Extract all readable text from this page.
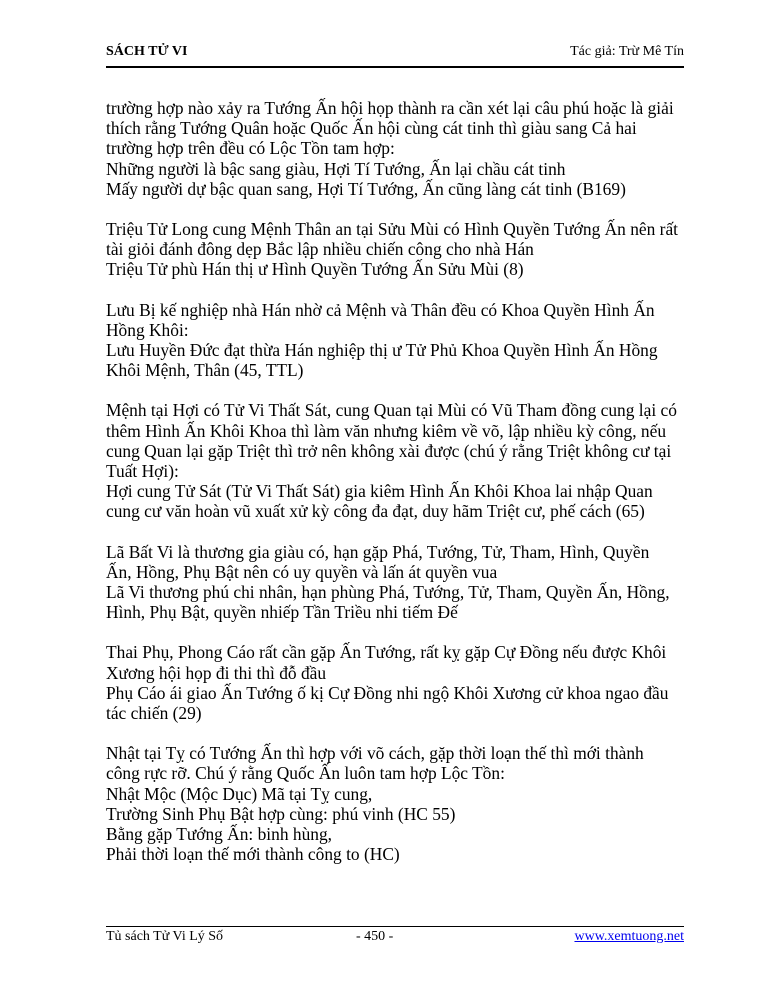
SÁCH TỬ VI	Tác giả: Trừ Mê Tín

trường hợp nào xảy ra Tướng Ấn hội họp thành ra cần xét lại câu phú hoặc là giải
thích rằng Tướng Quân hoặc Quốc Ấn hội cùng cát tinh thì giàu sang Cả hai
trường hợp trên đều có Lộc Tồn tam hợp:
Những người là bậc sang giàu, Hợi Tí Tướng, Ấn lại chầu cát tinh
Mấy người dự bậc quan sang, Hợi Tí Tướng, Ấn cũng làng cát tinh (B169)

Triệu Tử Long cung Mệnh Thân an tại Sửu Mùi có Hình Quyền Tướng Ấn nên rất
tài giỏi đánh đông dẹp Bắc lập nhiều chiến công cho nhà Hán
Triệu Tử phù Hán thị ư Hình Quyền Tướng Ấn Sửu Mùi (8)

Lưu Bị kế nghiệp nhà Hán nhờ cả Mệnh và Thân đều có Khoa Quyền Hình Ấn
Hồng Khôi:
Lưu Huyền Đức đạt thừa Hán nghiệp thị ư Tử Phủ Khoa Quyền Hình Ấn Hồng
Khôi Mệnh, Thân (45, TTL)

Mệnh tại Hợi có Tử Vi Thất Sát, cung Quan tại Mùi có Vũ Tham đồng cung lại có
thêm Hình Ấn Khôi Khoa thì làm văn nhưng kiêm về võ, lập nhiều kỳ công, nếu
cung Quan lại gặp Triệt thì trở nên không xài được (chú ý rằng Triệt không cư tại
Tuất Hợi):
Hợi cung Tử Sát (Tử Vi Thất Sát) gia kiêm Hình Ấn Khôi Khoa lai nhập Quan
cung cư văn hoàn vũ xuất xử kỳ công đa đạt, duy hãm Triệt cư, phế cách (65)

Lã Bất Vi là thương gia giàu có, hạn gặp Phá, Tướng, Tử, Tham, Hình, Quyền
Ấn, Hồng, Phụ Bật nên có uy quyền và lấn át quyền vua
Lã Vi thương phú chi nhân, hạn phùng Phá, Tướng, Tử, Tham, Quyền Ấn, Hồng,
Hình, Phụ Bật, quyền nhiếp Tần Triều nhi tiếm Đế

Thai Phụ, Phong Cáo rất cần gặp Ấn Tướng, rất kỵ gặp Cự Đồng nếu được Khôi
Xương hội họp đi thi thì đỗ đầu
Phụ Cáo ái giao Ấn Tướng ố kị Cự Đồng nhi ngộ Khôi Xương cử khoa ngao đầu
tác chiến (29)

Nhật tại Tỵ có Tướng Ấn thì hợp với võ cách, gặp thời loạn thế thì mới thành
công rực rỡ. Chú ý rằng Quốc Ấn luôn tam hợp Lộc Tồn:
Nhật Mộc (Mộc Dục) Mã tại Tỵ cung,
Trường Sinh Phụ Bật hợp cùng: phú vinh (HC 55)
Bằng gặp Tướng Ấn: binh hùng,
Phải thời loạn thế mới thành công to (HC)

Tủ sách Tử Vi Lý Số	- 450 -	www.xemtuong.net
